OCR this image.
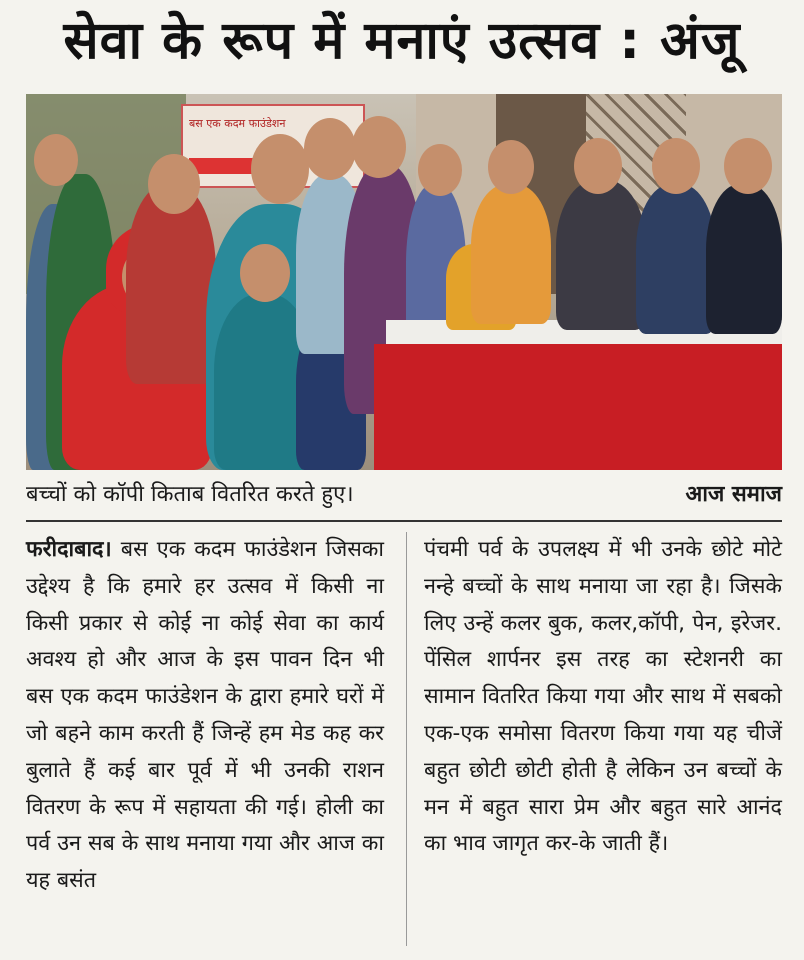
सेवा के रूप में मनाएं उत्सव : अंजू
बस एक कदम फाउंडेशन
बच्चों को कॉपी किताब वितरित करते हुए।	आज समाज
फरीदाबाद। बस एक कदम फाउंडेशन जिसका उद्देश्य है कि हमारे हर उत्सव में किसी ना किसी प्रकार से कोई ना कोई सेवा का कार्य अवश्य हो और आज के इस पावन दिन भी बस एक कदम फाउंडेशन के द्वारा हमारे घरों में जो बहने काम करती हैं जिन्हें हम मेड कह कर बुलाते हैं कई बार पूर्व में भी उनकी राशन वितरण के रूप में सहायता की गई। होली का पर्व उन सब के साथ मनाया गया और आज का यह बसंत
पंचमी पर्व के उपलक्ष्य में भी उनके छोटे मोटे नन्हे बच्चों के साथ मनाया जा रहा है। जिसके लिए उन्हें कलर बुक, कलर,कॉपी, पेन, इरेजर. पेंसिल शार्पनर इस तरह का स्टेशनरी का सामान वितरित किया गया और साथ में सबको एक-एक समोसा वितरण किया गया यह चीजें बहुत छोटी छोटी होती है लेकिन उन बच्चों के मन में बहुत सारा प्रेम और बहुत सारे आनंद का भाव जागृत कर-के जाती हैं।
